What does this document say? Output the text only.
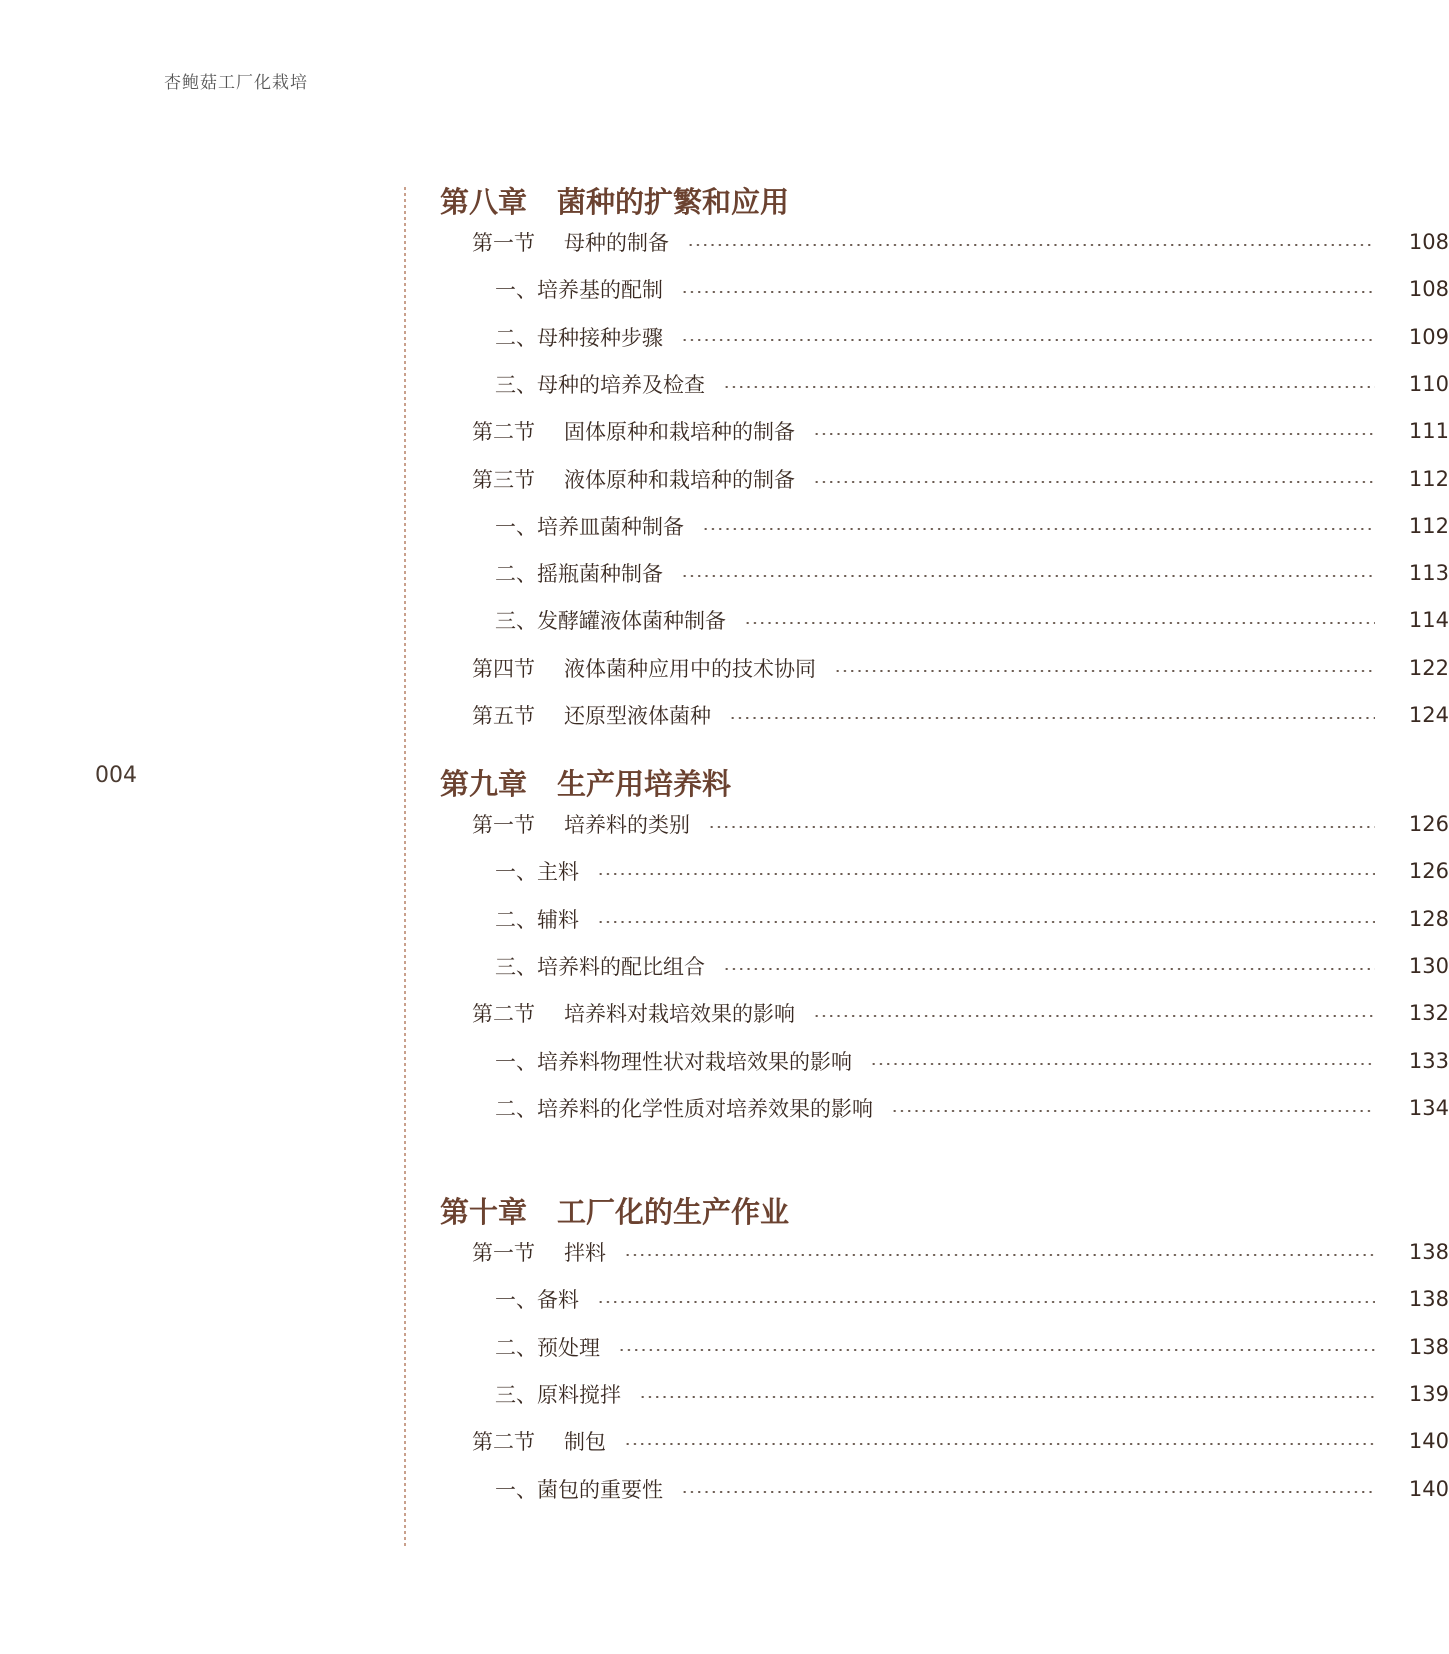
杏鲍菇工厂化栽培
004
第八章 菌种的扩繁和应用
第一节 母种的制备	108
一、培养基的配制	108
二、母种接种步骤	109
三、母种的培养及检查	110
第二节 固体原种和栽培种的制备	111
第三节 液体原种和栽培种的制备	112
一、培养皿菌种制备	112
二、摇瓶菌种制备	113
三、发酵罐液体菌种制备	114
第四节 液体菌种应用中的技术协同	122
第五节 还原型液体菌种	124
第九章 生产用培养料
第一节 培养料的类别	126
一、主料	126
二、辅料	128
三、培养料的配比组合	130
第二节 培养料对栽培效果的影响	132
一、培养料物理性状对栽培效果的影响	133
二、培养料的化学性质对培养效果的影响	134
第十章 工厂化的生产作业
第一节 拌料	138
一、备料	138
二、预处理	138
三、原料搅拌	139
第二节 制包	140
一、菌包的重要性	140
